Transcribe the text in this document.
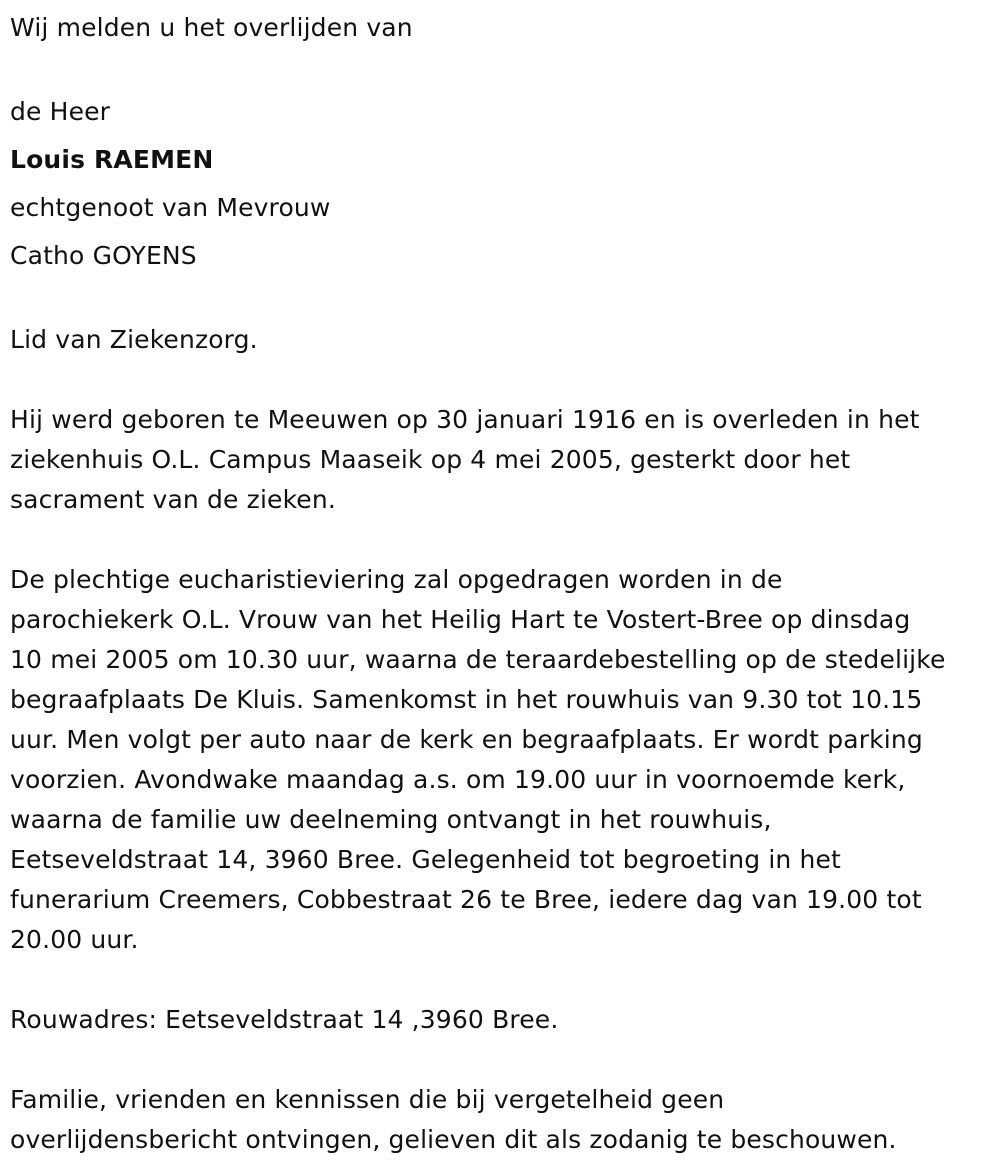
Wij melden u het overlijden van
de Heer
Louis RAEMEN
echtgenoot van Mevrouw
Catho GOYENS
Lid van Ziekenzorg.
Hij werd geboren te Meeuwen op 30 januari 1916 en is overleden in het
ziekenhuis O.L. Campus Maaseik op 4 mei 2005, gesterkt door het
sacrament van de zieken.
De plechtige eucharistieviering zal opgedragen worden in de
parochiekerk O.L. Vrouw van het Heilig Hart te Vostert-Bree op dinsdag
10 mei 2005 om 10.30 uur, waarna de teraardebestelling op de stedelijke
begraafplaats De Kluis. Samenkomst in het rouwhuis van 9.30 tot 10.15
uur. Men volgt per auto naar de kerk en begraafplaats. Er wordt parking
voorzien. Avondwake maandag a.s. om 19.00 uur in voornoemde kerk,
waarna de familie uw deelneming ontvangt in het rouwhuis,
Eetseveldstraat 14, 3960 Bree. Gelegenheid tot begroeting in het
funerarium Creemers, Cobbestraat 26 te Bree, iedere dag van 19.00 tot
20.00 uur.
Rouwadres: Eetseveldstraat 14 ,3960 Bree.
Familie, vrienden en kennissen die bij vergetelheid geen
overlijdensbericht ontvingen, gelieven dit als zodanig te beschouwen.
